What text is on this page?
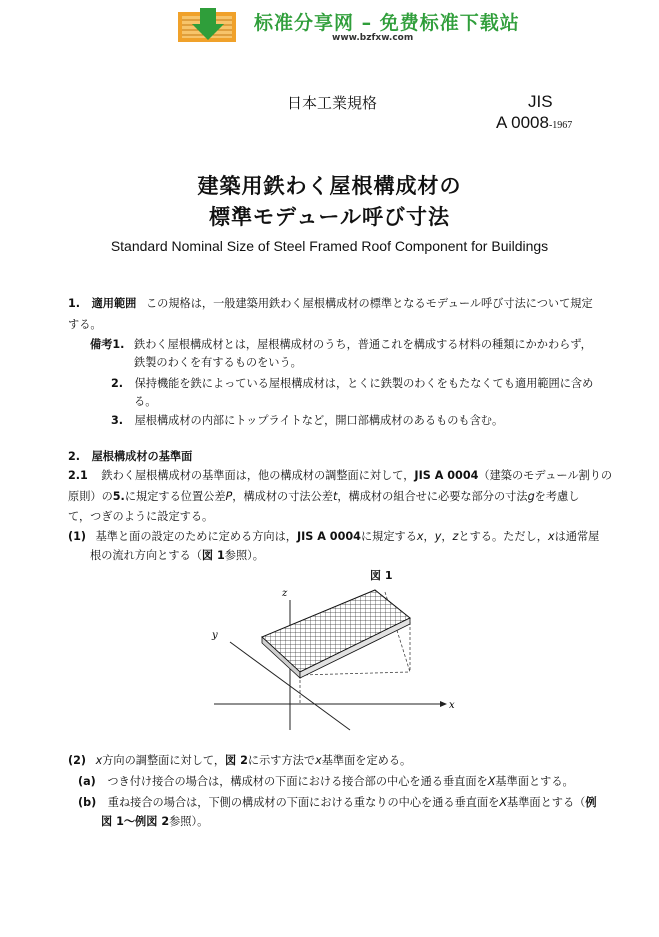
标准分享网 – 免费标准下载站
www.bzfxw.com
日本工業規格	JIS
A 0008-1967
建築用鉄わく屋根構成材の
標準モデュール呼び寸法
Standard Nominal Size of Steel Framed Roof Component for Buildings
1. 適用範囲 この規格は，一般建築用鉄わく屋根構成材の標準となるモデュール呼び寸法について規定
する。
備考1. 鉄わく屋根構成材とは，屋根構成材のうち，普通これを構成する材料の種類にかかわらず，
鉄製のわくを有するものをいう。
2. 保持機能を鉄によっている屋根構成材は，とくに鉄製のわくをもたなくても適用範囲に含め
る。
3. 屋根構成材の内部にトップライトなど，開口部構成材のあるものも含む。
2. 屋根構成材の基準面
2.1 鉄わく屋根構成材の基準面は，他の構成材の調整面に対して，JIS A 0004（建築のモデュール割りの
原則）の5.に規定する位置公差P，構成材の寸法公差t，構成材の組合せに必要な部分の寸法gを考慮し
て，つぎのように設定する。
(1) 基準と面の設定のために定める方向は，JIS A 0004に規定するx，y，zとする。ただし，xは通常屋
根の流れ方向とする（図 1参照）。
図 1
z
y
x
(2) x方向の調整面に対して，図 2に示す方法でx基準面を定める。
(a) つき付け接合の場合は，構成材の下面における接合部の中心を通る垂直面をX基準面とする。
(b) 重ね接合の場合は，下側の構成材の下面における重なりの中心を通る垂直面をX基準面とする（例
図 1〜例図 2参照）。
